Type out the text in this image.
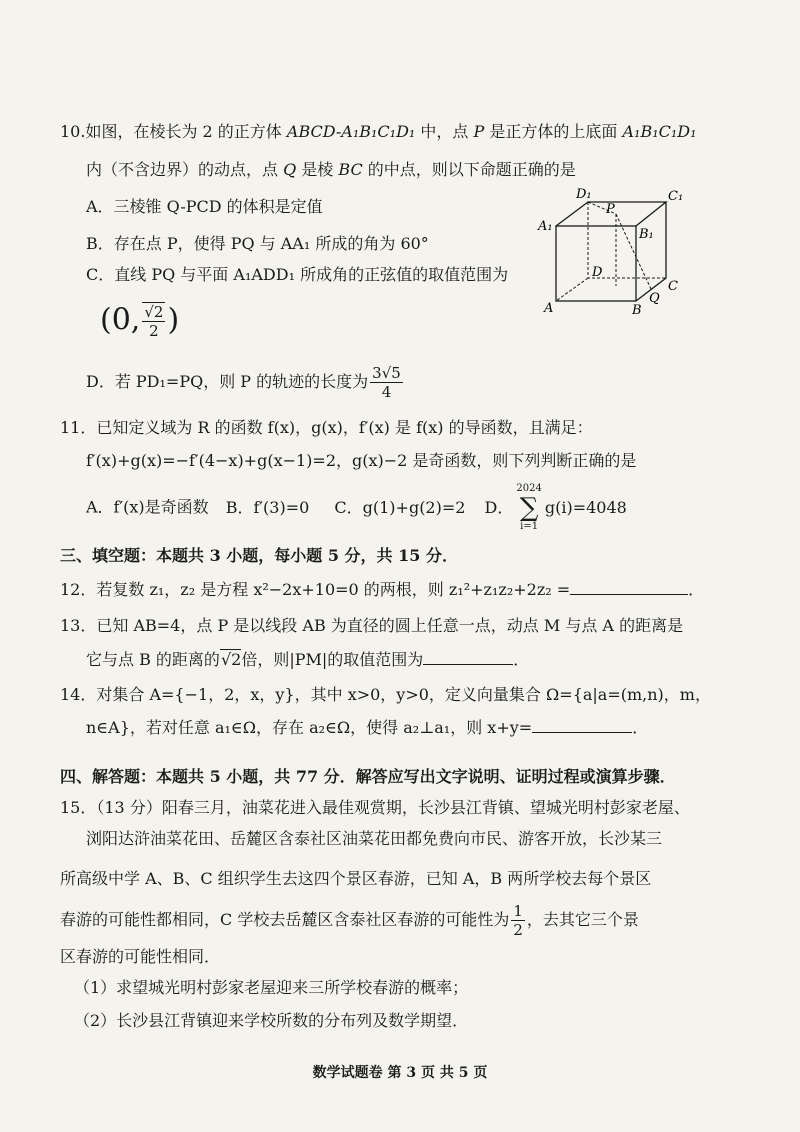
10.如图，在棱长为 2 的正方体 ABCD-A₁B₁C₁D₁ 中，点 P 是正方体的上底面 A₁B₁C₁D₁
内（不含边界）的动点，点 Q 是棱 BC 的中点，则以下命题正确的是
A．三棱锥 Q-PCD 的体积是定值
B．存在点 P，使得 PQ 与 AA₁ 所成的角为 60°
C．直线 PQ 与平面 A₁ADD₁ 所成角的正弦值的取值范围为
(0, $\frac{√2}{2}$ )
D．若 PD₁=PQ，则 P 的轨迹的长度为 $\frac{3√5}{4}$
D₁	C₁
A₁
B₁
P
D
C
A	B
Q
11．已知定义域为 R 的函数 f(x)，g(x)，f′(x) 是 f(x) 的导函数，且满足：
f′(x)+g(x)=−f′(4−x)+g(x−1)=2，g(x)−2 是奇函数，则下列判断正确的是
A．f′(x)是奇函数 B．f′(3)=0 C．g(1)+g(2)=2 D．
2024
∑
i=1
g(i)=4048
三、填空题：本题共 3 小题，每小题 5 分，共 15 分．
12．若复数 z₁，z₂ 是方程 x²−2x+10=0 的两根，则 z₁²+z₁z₂+2z₂ =	．
13．已知 AB=4，点 P 是以线段 AB 为直径的圆上任意一点，动点 M 与点 A 的距离是
它与点 B 的距离的√2倍，则|PM|的取值范围为	．
14．对集合 A={−1，2，x，y}，其中 x>0，y>0，定义向量集合 Ω={a|a=(m,n)，m，
n∈A}，若对任意 a₁∈Ω，存在 a₂∈Ω，使得 a₂⊥a₁，则 x+y=	．
四、解答题：本题共 5 小题，共 77 分．解答应写出文字说明、证明过程或演算步骤．
15．（13 分）阳春三月，油菜花进入最佳观赏期，长沙县江背镇、望城光明村彭家老屋、
浏阳达浒油菜花田、岳麓区含泰社区油菜花田都免费向市民、游客开放，长沙某三
所高级中学 A、B、C 组织学生去这四个景区春游，已知 A，B 两所学校去每个景区
春游的可能性都相同，C 学校去岳麓区含泰社区春游的可能性为 $\frac{1}{2}$ ，去其它三个景
区春游的可能性相同．
（1）求望城光明村彭家老屋迎来三所学校春游的概率；
（2）长沙县江背镇迎来学校所数的分布列及数学期望．
数学试题卷 第 3 页 共 5 页
